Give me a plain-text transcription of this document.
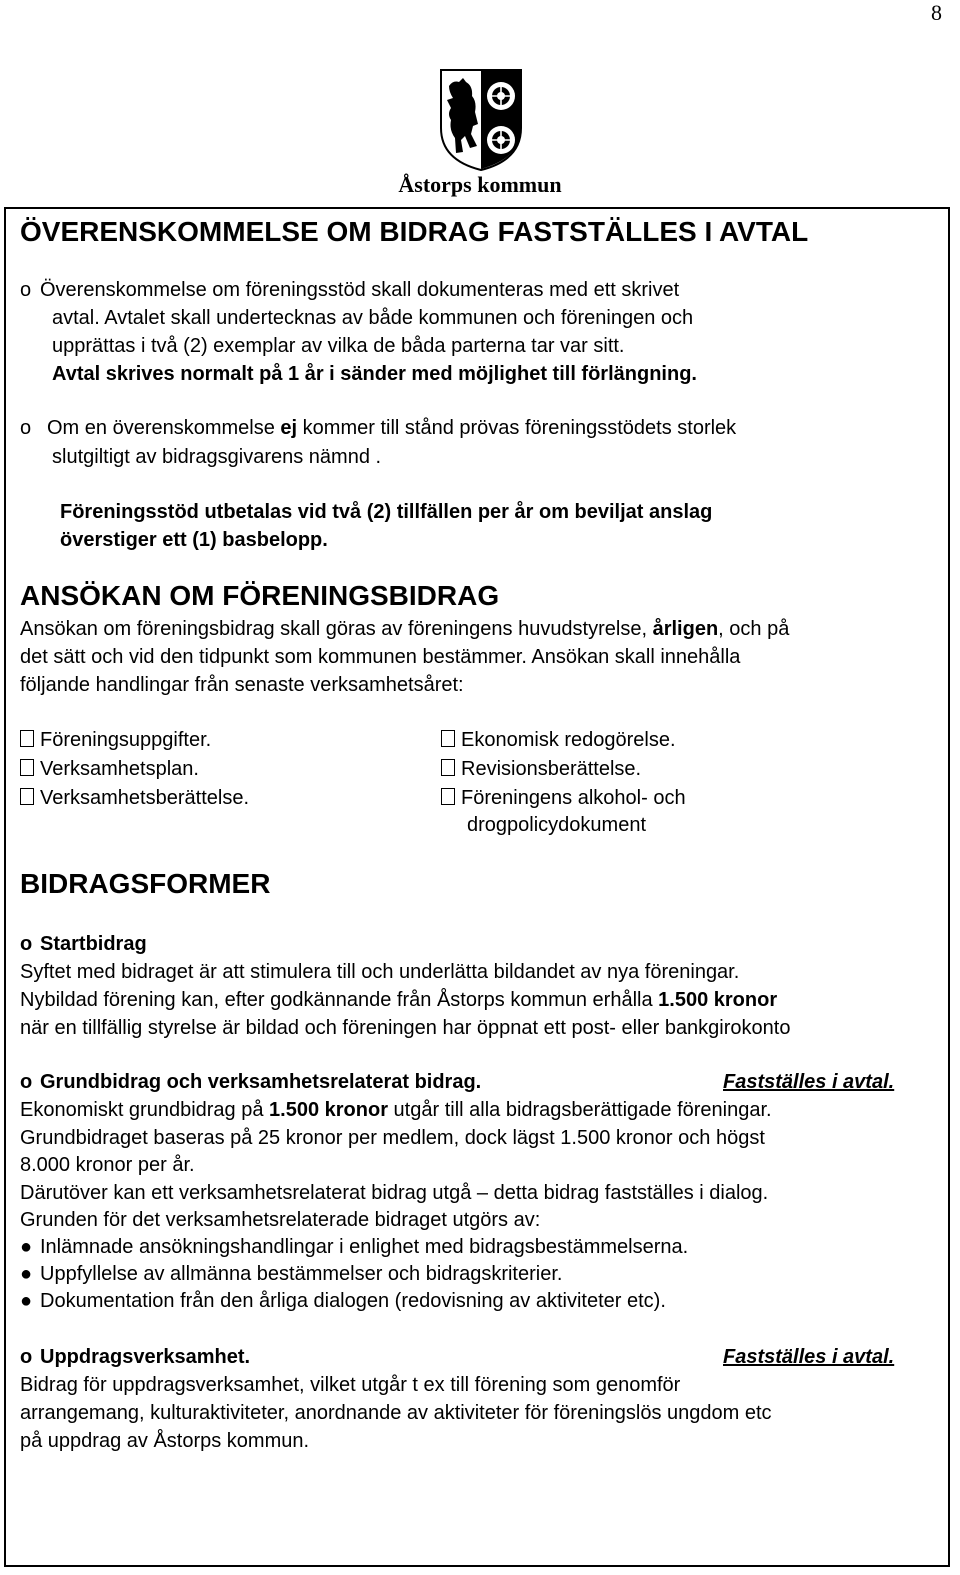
8
Åstorps kommun
ÖVERENSKOMMELSE OM BIDRAG FASTSTÄLLES I AVTAL
o Överenskommelse om föreningsstöd skall dokumenteras med ett skrivet
avtal. Avtalet skall undertecknas av både kommunen och föreningen och
upprättas i två (2) exemplar av vilka de båda parterna tar var sitt.
Avtal skrives normalt på 1 år i sänder med möjlighet till förlängning.
o Om en överenskommelse ej kommer till stånd prövas föreningsstödets storlek
slutgiltigt av bidragsgivarens nämnd .
Föreningsstöd utbetalas vid två (2) tillfällen per år om beviljat anslag
överstiger ett (1) basbelopp.
ANSÖKAN OM FÖRENINGSBIDRAG
Ansökan om föreningsbidrag skall göras av föreningens huvudstyrelse, årligen, och på
det sätt och vid den tidpunkt som kommunen bestämmer. Ansökan skall innehålla
följande handlingar från senaste verksamhetsåret:
Föreningsuppgifter.
Verksamhetsplan.
Verksamhetsberättelse.
Ekonomisk redogörelse.
Revisionsberättelse.
Föreningens alkohol- och
drogpolicydokument
BIDRAGSFORMER
o Startbidrag
Syftet med bidraget är att stimulera till och underlätta bildandet av nya föreningar.
Nybildad förening kan, efter godkännande från Åstorps kommun erhålla 1.500 kronor
när en tillfällig styrelse är bildad och föreningen har öppnat ett post- eller bankgirokonto
o Grundbidrag och verksamhetsrelaterat bidrag.	Fastställes i avtal.
Ekonomiskt grundbidrag på 1.500 kronor utgår till alla bidragsberättigade föreningar.
Grundbidraget baseras på 25 kronor per medlem, dock lägst 1.500 kronor och högst
8.000 kronor per år.
Därutöver kan ett verksamhetsrelaterat bidrag utgå – detta bidrag fastställes i dialog.
Grunden för det verksamhetsrelaterade bidraget utgörs av:
● Inlämnade ansökningshandlingar i enlighet med bidragsbestämmelserna.
● Uppfyllelse av allmänna bestämmelser och bidragskriterier.
● Dokumentation från den årliga dialogen (redovisning av aktiviteter etc).
o Uppdragsverksamhet.	Fastställes i avtal.
Bidrag för uppdragsverksamhet, vilket utgår t ex till förening som genomför
arrangemang, kulturaktiviteter, anordnande av aktiviteter för föreningslös ungdom etc
på uppdrag av Åstorps kommun.
